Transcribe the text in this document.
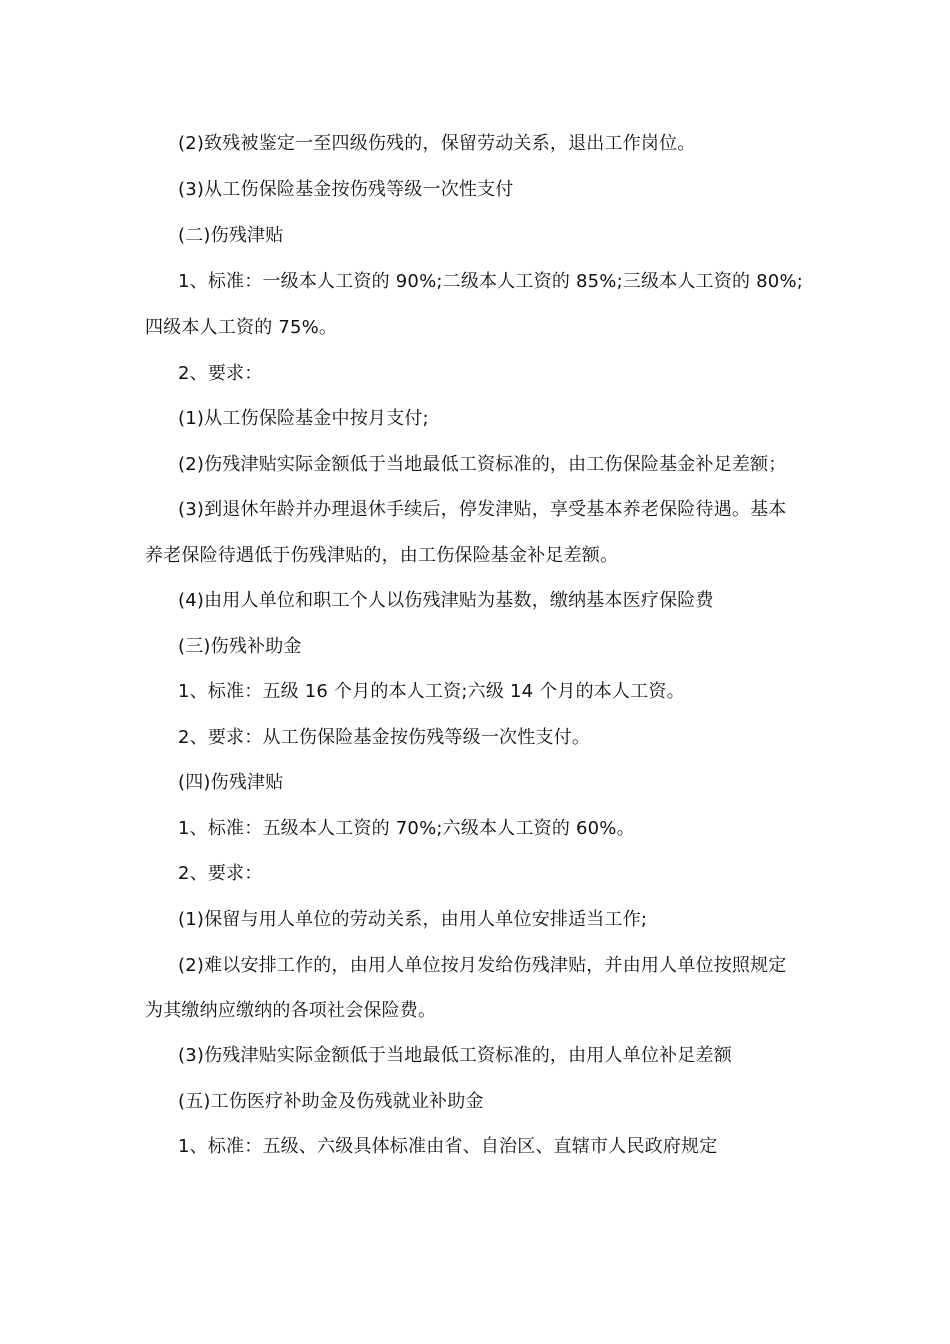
(2)致残被鉴定一至四级伤残的，保留劳动关系，退出工作岗位。
(3)从工伤保险基金按伤残等级一次性支付
(二)伤残津贴
1、标准：一级本人工资的 90%;二级本人工资的 85%;三级本人工资的 80%;
四级本人工资的 75%。
2、要求：
(1)从工伤保险基金中按月支付;
(2)伤残津贴实际金额低于当地最低工资标准的，由工伤保险基金补足差额；
(3)到退休年龄并办理退休手续后，停发津贴，享受基本养老保险待遇。基本
养老保险待遇低于伤残津贴的，由工伤保险基金补足差额。
(4)由用人单位和职工个人以伤残津贴为基数，缴纳基本医疗保险费
(三)伤残补助金
1、标准：五级 16 个月的本人工资;六级 14 个月的本人工资。
2、要求：从工伤保险基金按伤残等级一次性支付。
(四)伤残津贴
1、标准：五级本人工资的 70%;六级本人工资的 60%。
2、要求：
(1)保留与用人单位的劳动关系，由用人单位安排适当工作;
(2)难以安排工作的，由用人单位按月发给伤残津贴，并由用人单位按照规定
为其缴纳应缴纳的各项社会保险费。
(3)伤残津贴实际金额低于当地最低工资标准的，由用人单位补足差额
(五)工伤医疗补助金及伤残就业补助金
1、标准：五级、六级具体标准由省、自治区、直辖市人民政府规定
